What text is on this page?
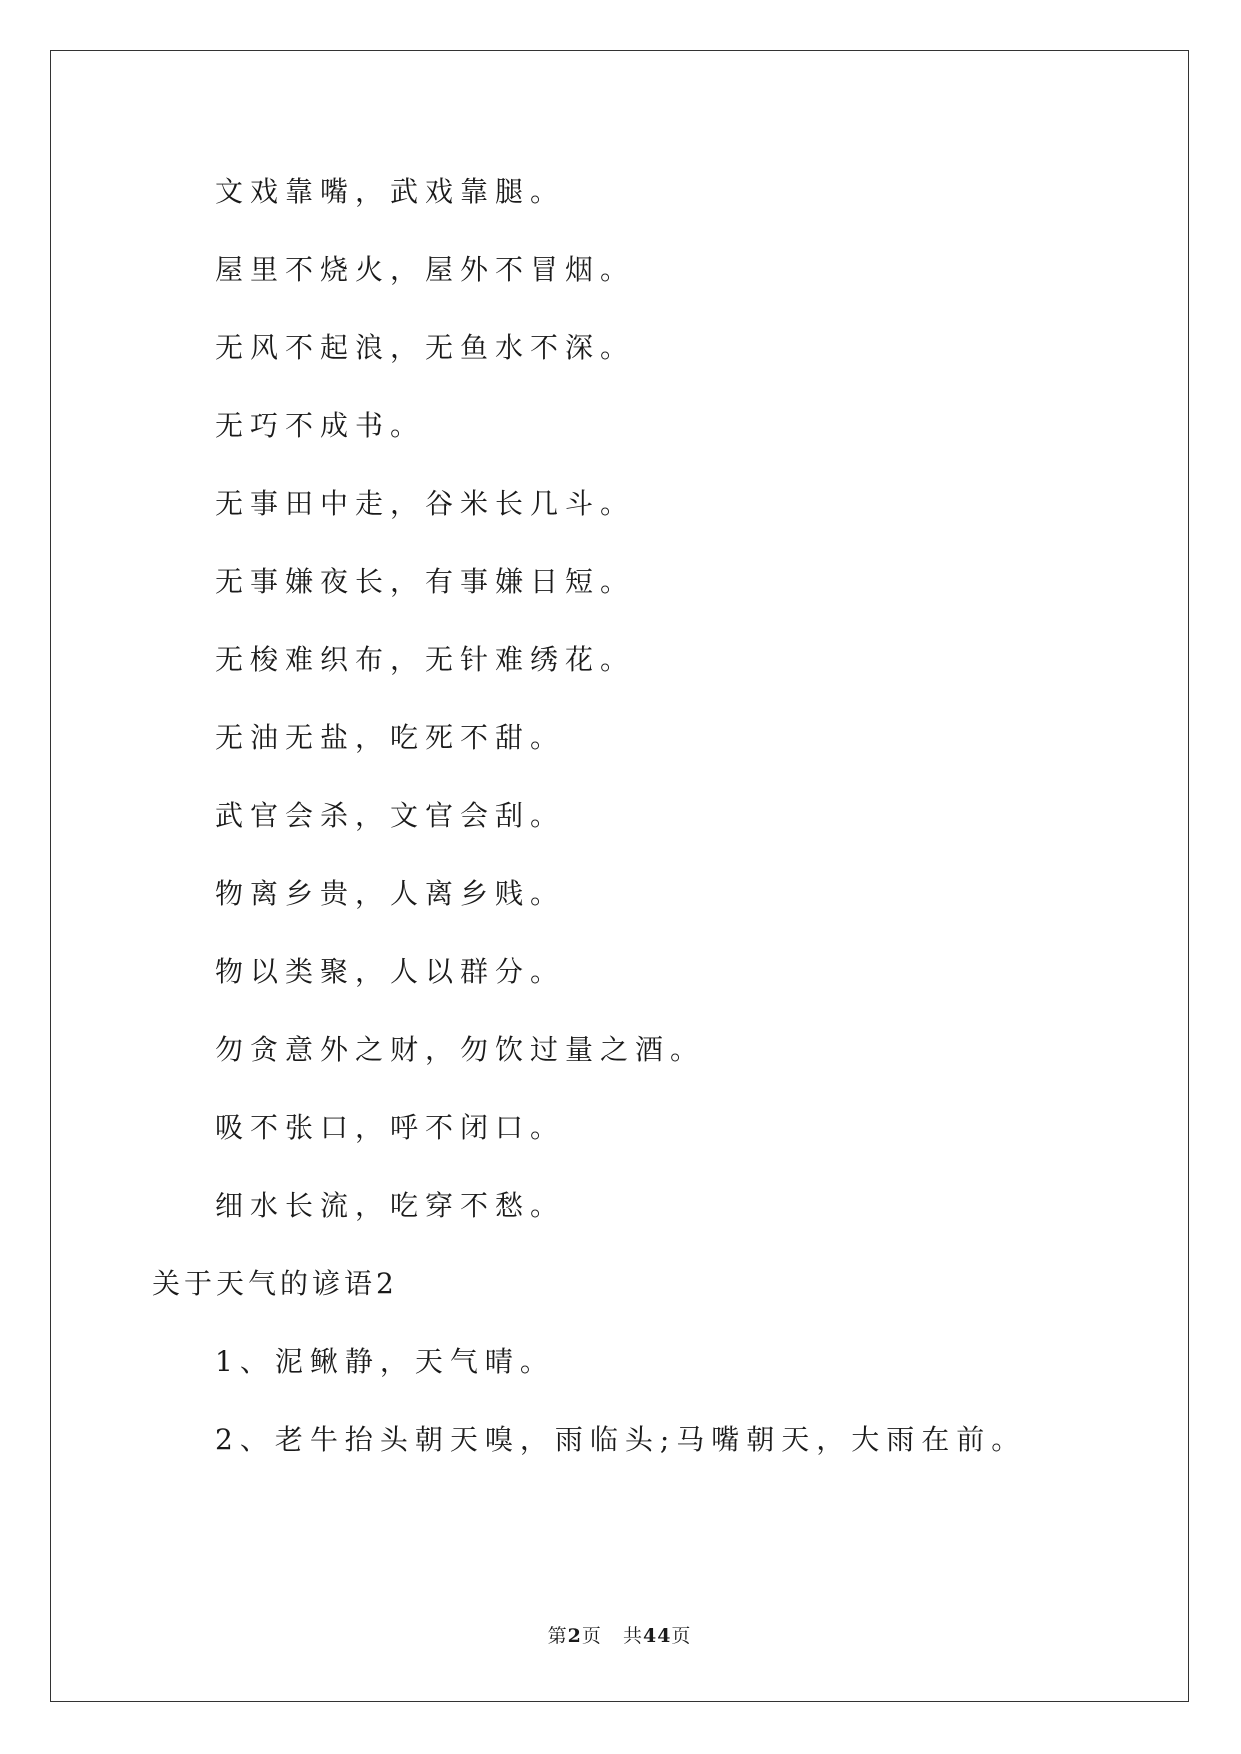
文戏靠嘴，武戏靠腿。
屋里不烧火，屋外不冒烟。
无风不起浪，无鱼水不深。
无巧不成书。
无事田中走，谷米长几斗。
无事嫌夜长，有事嫌日短。
无梭难织布，无针难绣花。
无油无盐，吃死不甜。
武官会杀，文官会刮。
物离乡贵，人离乡贱。
物以类聚，人以群分。
勿贪意外之财，勿饮过量之酒。
吸不张口，呼不闭口。
细水长流，吃穿不愁。
关于天气的谚语2
1、泥鳅静，天气晴。
2、老牛抬头朝天嗅，雨临头;马嘴朝天，大雨在前。
第2页 共44页
